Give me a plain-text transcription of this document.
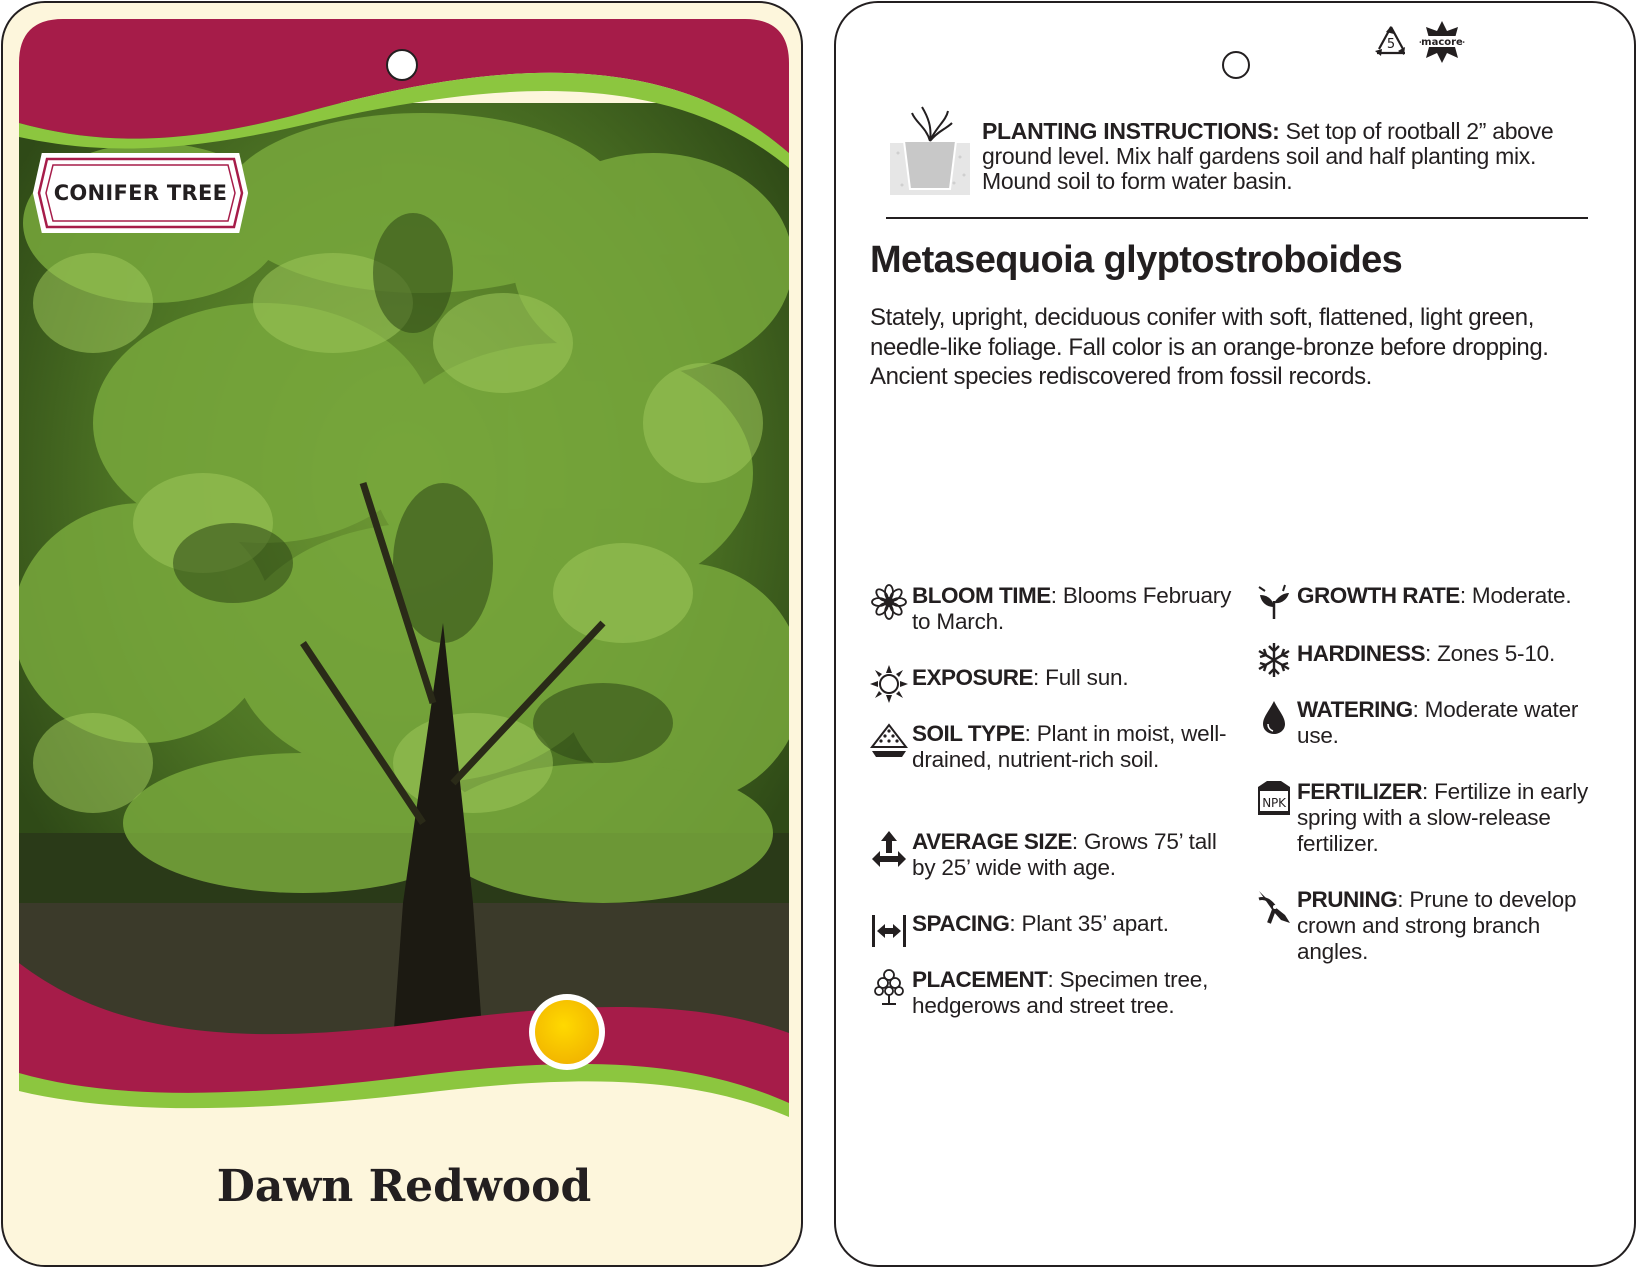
CONIFER TREE
Dawn Redwood
5	macore
PLANTING INSTRUCTIONS: Set top of rootball 2” above ground level. Mix half gardens soil and half planting mix. Mound soil to form water basin.
Metasequoia glyptostroboides
Stately, upright, deciduous conifer with soft, flattened, light green, needle-like foliage. Fall color is an orange-bronze before dropping. Ancient species rediscovered from fossil records.
BLOOM TIME: Blooms February to March.
EXPOSURE: Full sun.
SOIL TYPE: Plant in moist, well-drained, nutrient-rich soil.
AVERAGE SIZE: Grows 75’ tall by 25’ wide with age.
SPACING: Plant 35’ apart.
PLACEMENT: Specimen tree, hedgerows and street tree.
GROWTH RATE: Moderate.
HARDINESS: Zones 5-10.
WATERING: Moderate water use.
NPK FERTILIZER: Fertilize in early spring with a slow-release fertilizer.
PRUNING: Prune to develop crown and strong branch angles.
